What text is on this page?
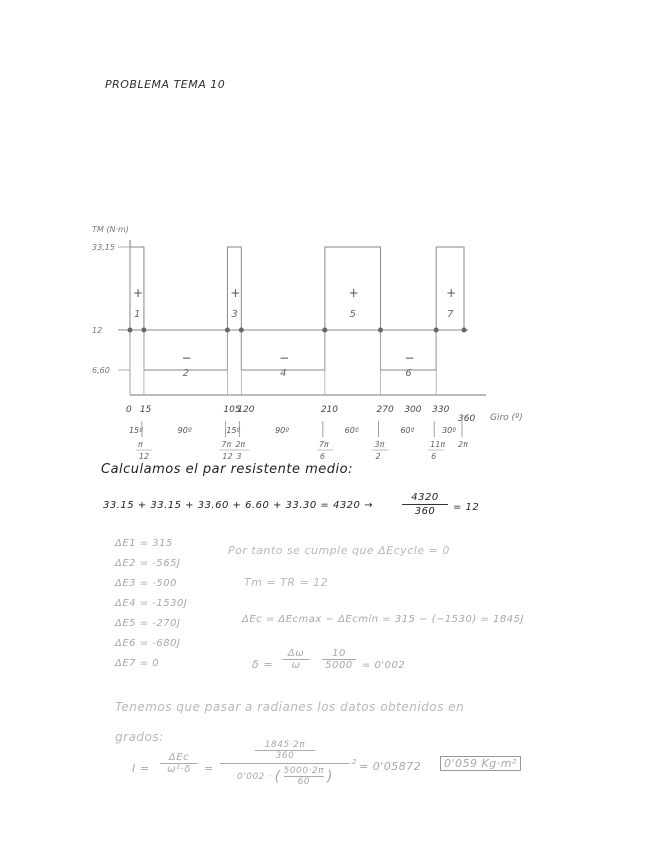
PROBLEMA TEMA 10

33,15
12
6,60
+
1
−
2
+
3
−
4
+
5
−
6
+
7
0 15	105
120	210	270 300 330
15º	90º	15º	90º	60º	60º	30º
π
12
7π
12
2π
3
7π
6
3π
2
11π
6
2π
TM (N·m)
Giro (º)
360

Calculamos el par resistente medio:

33.15 + 33.15 + 33.60 + 6.60 + 33.30 = 4320 →

4320
360	= 12

ΔE1 = 315

ΔE2 = -565J

ΔE3 = -500

ΔE4 = -1530J

ΔE5 = -270J

ΔE6 = -680J

ΔE7 = 0

Por tanto se cumple que ΔEcycle = 0

Tm = TR = 12

ΔEc = ΔEcmax − ΔEcmín = 315 − (−1530) = 1845J

δ =

Δω
ω
10
5000 = 0'002

Tenemos que pasar a radianes los datos obtenidos en

grados:

I =

ΔEc
ω²·δ	=

1845·2π
360
0'002 · ( 5000·2π
60	)

2 = 0'05872	0'059 Kg·m²
